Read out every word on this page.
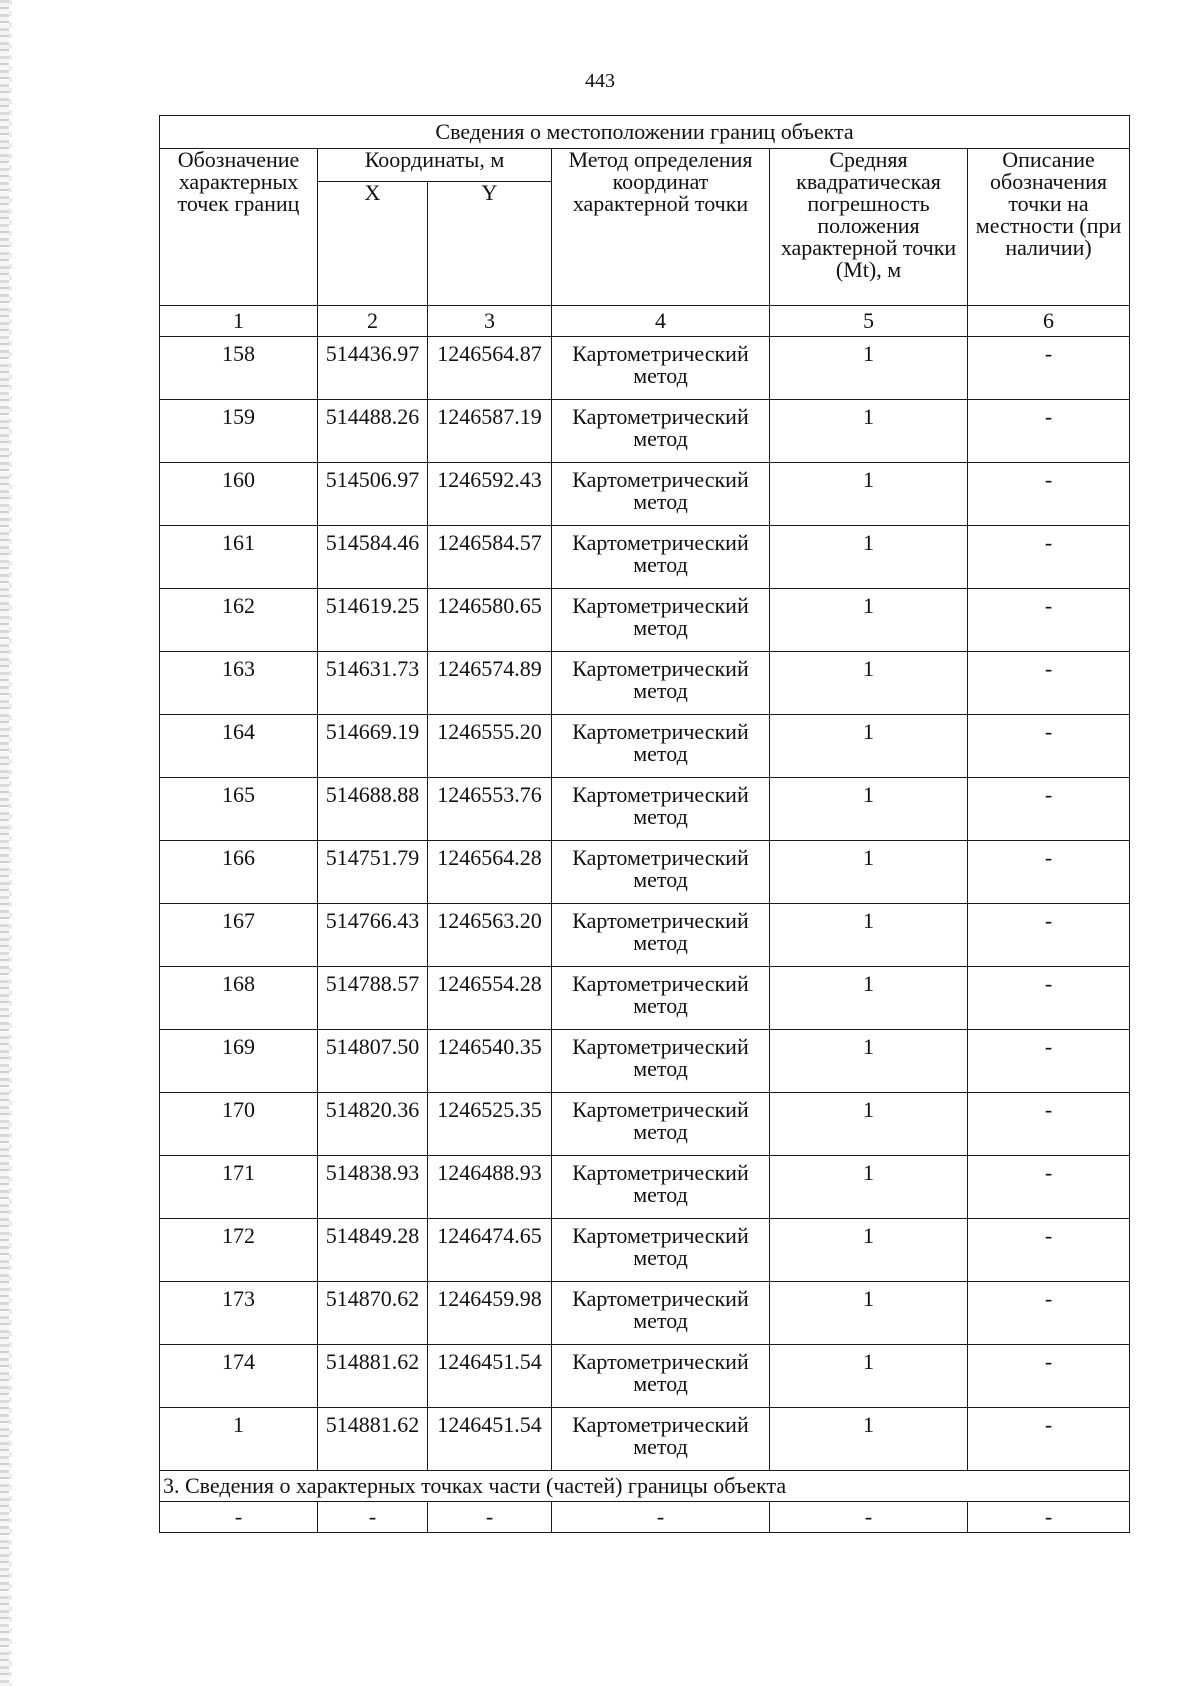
443
Сведения о местоположении границ объекта					
Обозначение характерных точек границ	Координаты, м		Метод определения координат характерной точки	Средняя квадратическая погрешность положения характерной точки (Mt), м	Описание обозначения точки на местности (при наличии)
	X	Y			
1	2	3	4	5	6
158	514436.97	1246564.87	Картометрический метод	1	-
159	514488.26	1246587.19	Картометрический метод	1	-
160	514506.97	1246592.43	Картометрический метод	1	-
161	514584.46	1246584.57	Картометрический метод	1	-
162	514619.25	1246580.65	Картометрический метод	1	-
163	514631.73	1246574.89	Картометрический метод	1	-
164	514669.19	1246555.20	Картометрический метод	1	-
165	514688.88	1246553.76	Картометрический метод	1	-
166	514751.79	1246564.28	Картометрический метод	1	-
167	514766.43	1246563.20	Картометрический метод	1	-
168	514788.57	1246554.28	Картометрический метод	1	-
169	514807.50	1246540.35	Картометрический метод	1	-
170	514820.36	1246525.35	Картометрический метод	1	-
171	514838.93	1246488.93	Картометрический метод	1	-
172	514849.28	1246474.65	Картометрический метод	1	-
173	514870.62	1246459.98	Картометрический метод	1	-
174	514881.62	1246451.54	Картометрический метод	1	-
1	514881.62	1246451.54	Картометрический метод	1	-
3. Сведения о характерных точках части (частей) границы объекта					
-	-	-	-	-	-
